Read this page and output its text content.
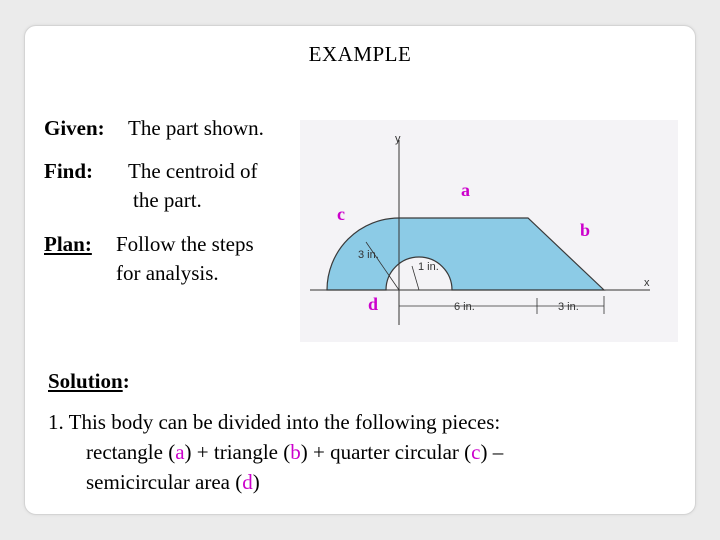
EXAMPLE
Given: The part shown.
Find: The centroid of
the part.
Plan: Follow the steps
for analysis.
y
x
3 in.
1 in.
6 in.	3 in.
a
b
c
d
Solution:
1. This body can be divided into the following pieces:
rectangle (a) + triangle (b) + quarter circular (c) –
semicircular area (d)
